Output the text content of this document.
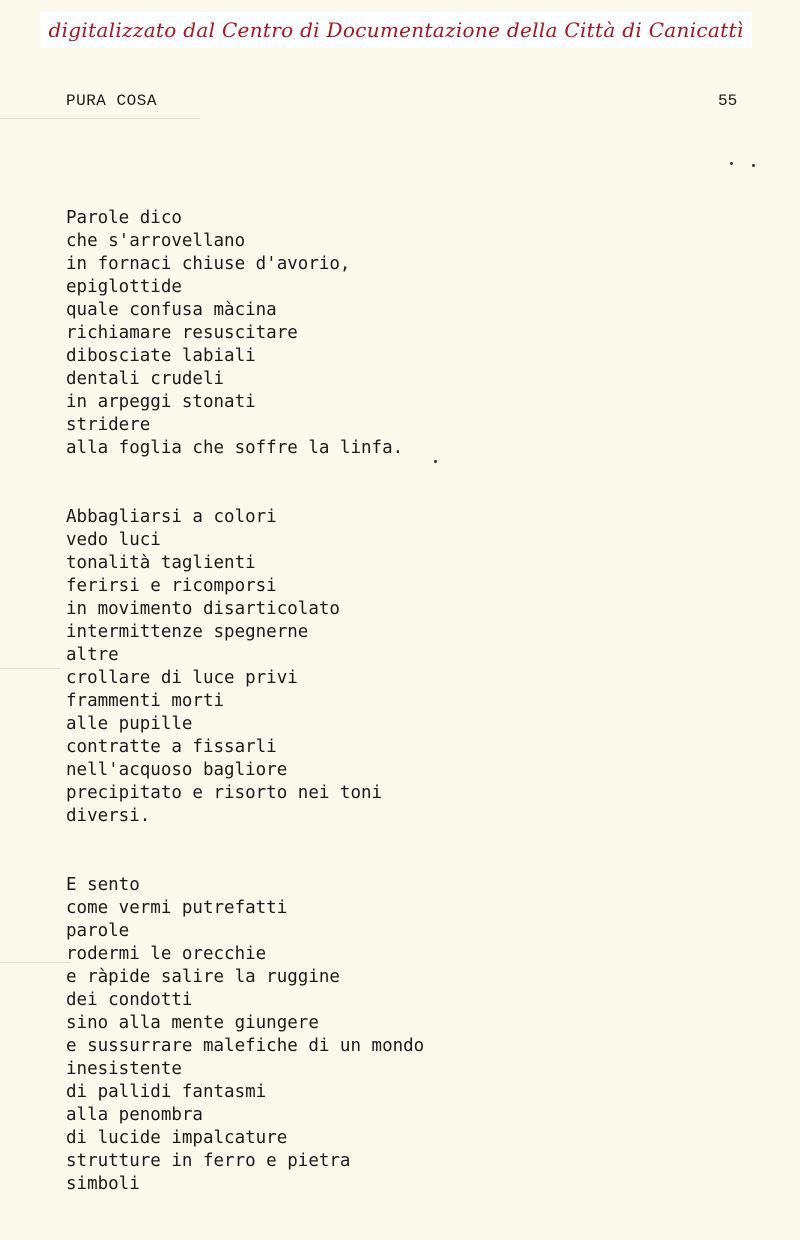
digitalizzato dal Centro di Documentazione della Città di Canicattì
PURA COSA	55
Parole dico
che s'arrovellano
in fornaci chiuse d'avorio,
epiglottide
quale confusa màcina
richiamare resuscitare
dibosciate labiali
dentali crudeli
in arpeggi stonati
stridere
alla foglia che soffre la linfa.
Abbagliarsi a colori
vedo luci
tonalità taglienti
ferirsi e ricomporsi
in movimento disarticolato
intermittenze spegnerne
altre
crollare di luce privi
frammenti morti
alle pupille
contratte a fissarli
nell'acquoso bagliore
precipitato e risorto nei toni
diversi.
E sento
come vermi putrefatti
parole
rodermi le orecchie
e ràpide salire la ruggine
dei condotti
sino alla mente giungere
e sussurrare malefiche di un mondo
inesistente
di pallidi fantasmi
alla penombra
di lucide impalcature
strutture in ferro e pietra
simboli
